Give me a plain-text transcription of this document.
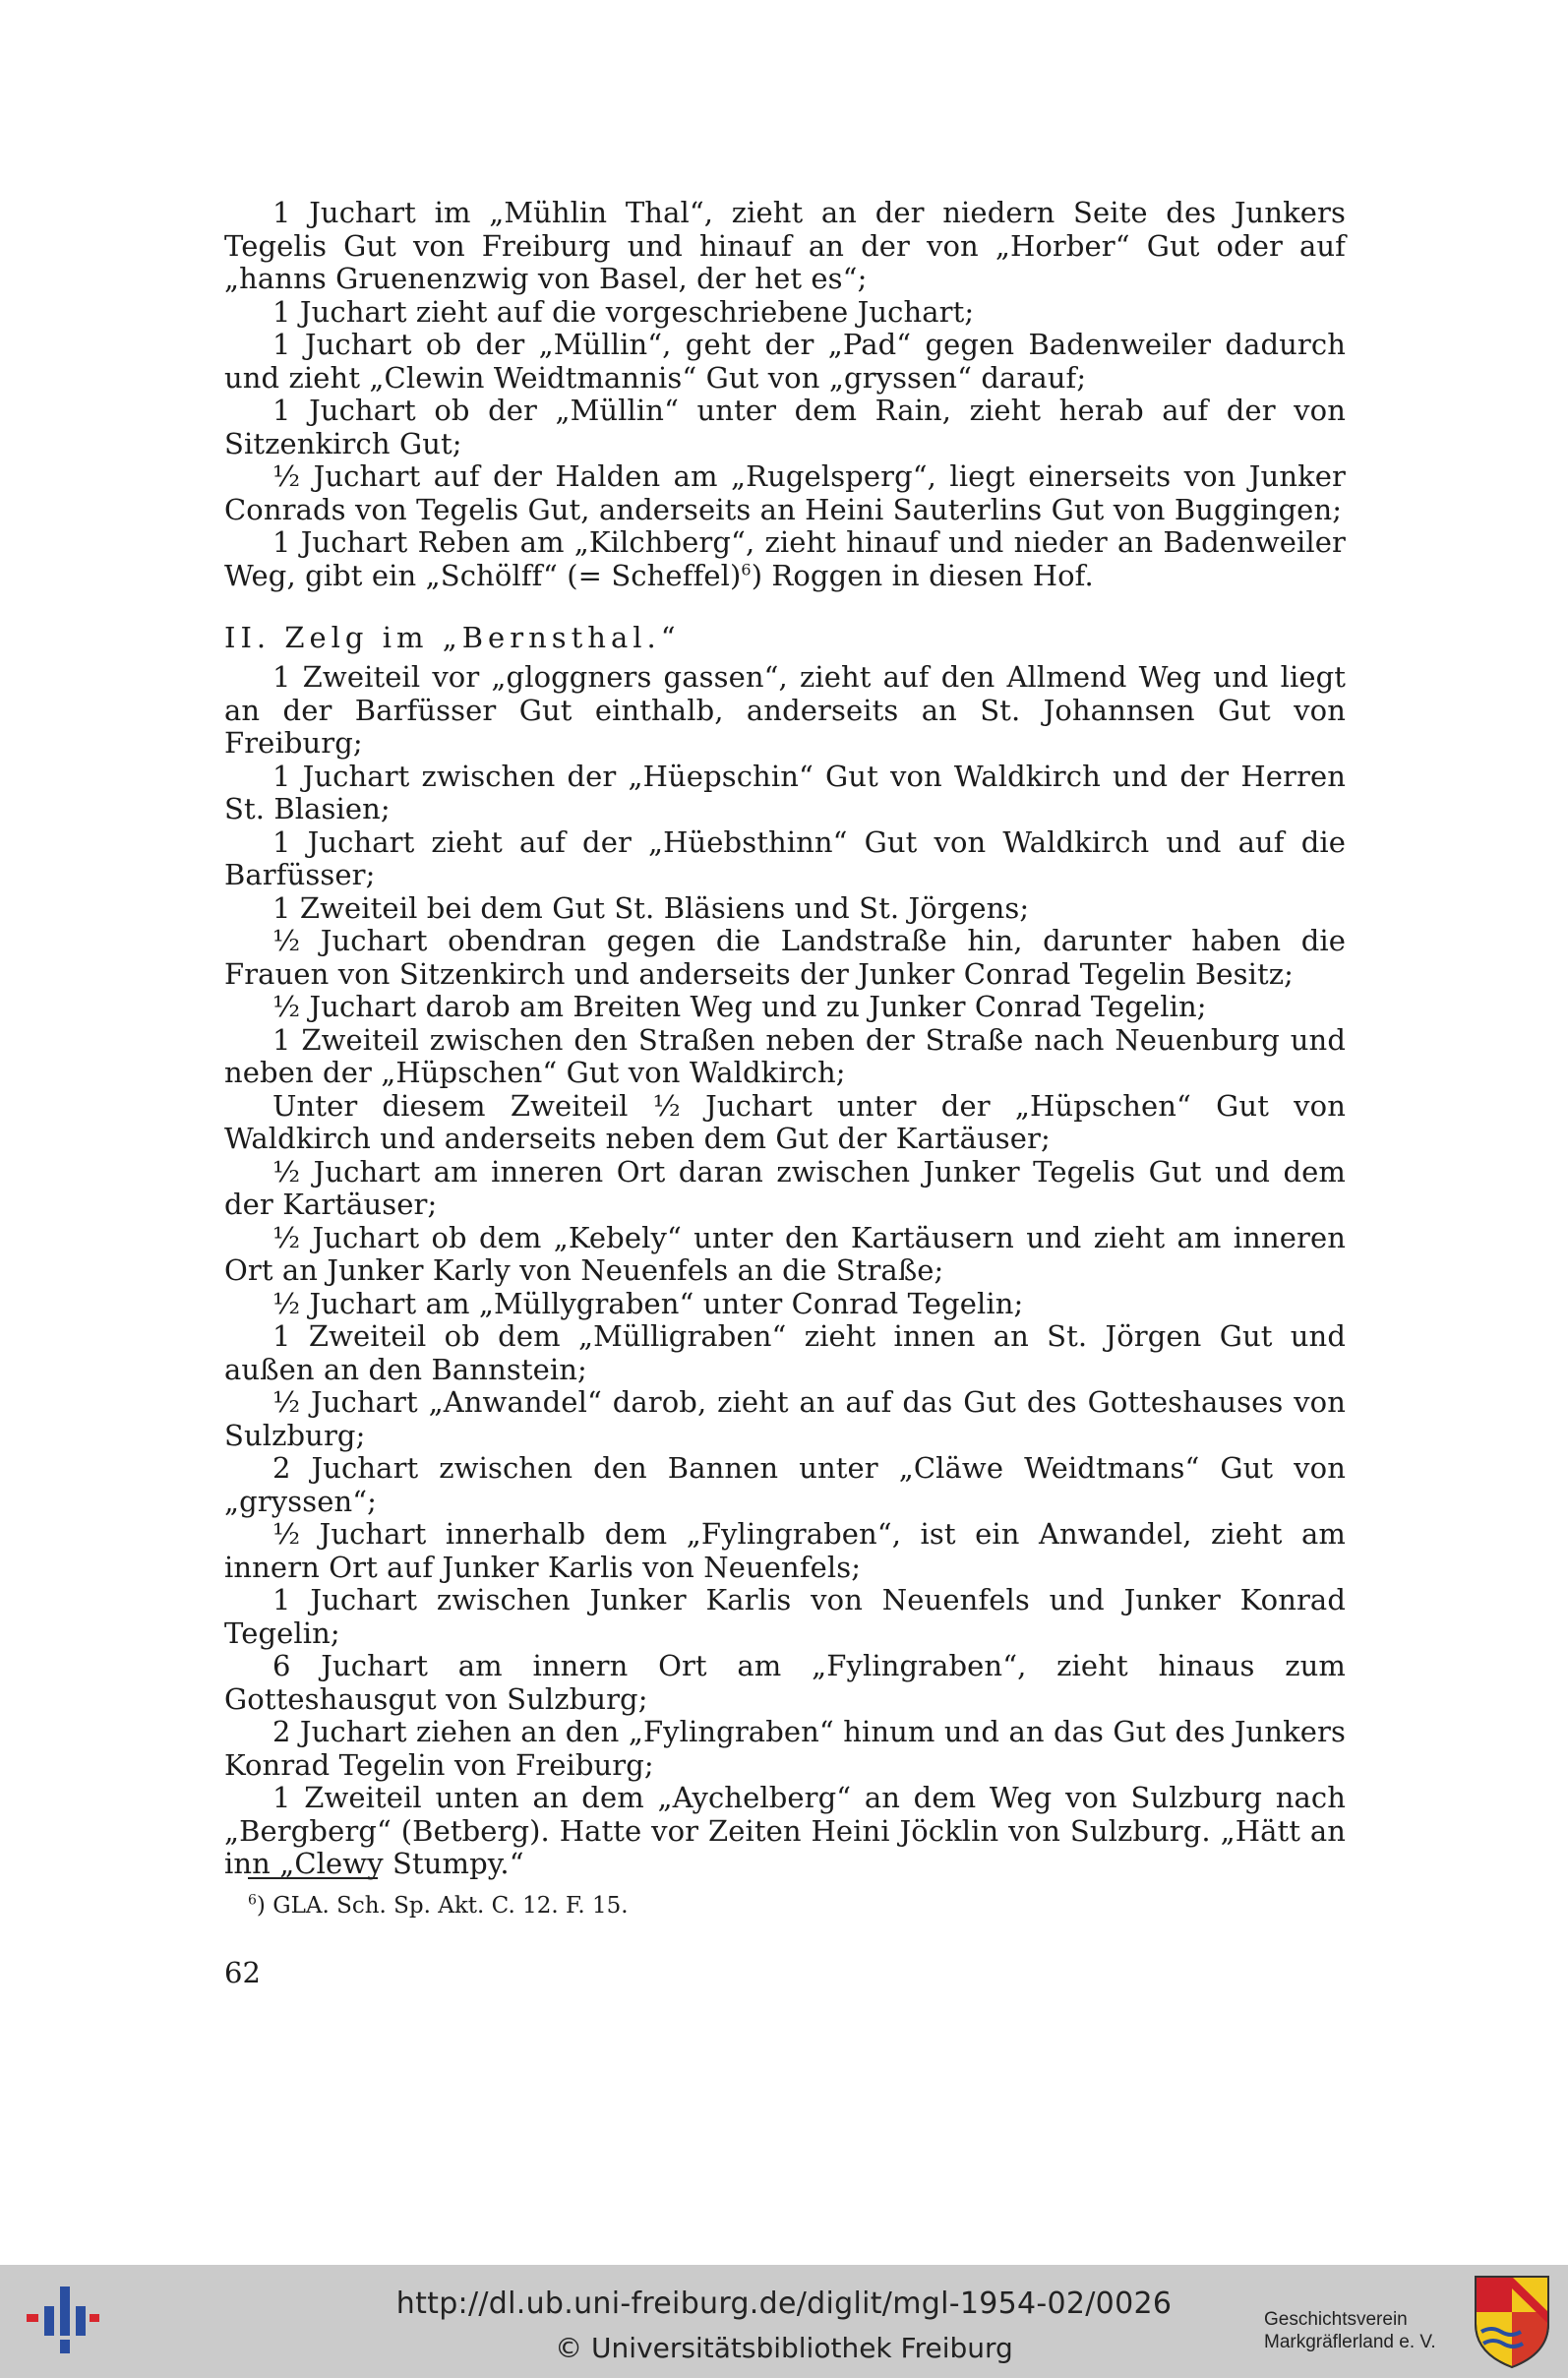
1 Juchart im „Mühlin Thal“, zieht an der niedern Seite des Junkers Tegelis Gut von Freiburg und hinauf an der von „Horber“ Gut oder auf „hanns Gruenenzwig von Basel, der het es“;

1 Juchart zieht auf die vorgeschriebene Juchart;

1 Juchart ob der „Müllin“, geht der „Pad“ gegen Badenweiler dadurch und zieht „Clewin Weidtmannis“ Gut von „gryssen“ darauf;

1 Juchart ob der „Müllin“ unter dem Rain, zieht herab auf der von Sitzenkirch Gut;

½ Juchart auf der Halden am „Rugelsperg“, liegt einerseits von Junker Conrads von Tegelis Gut, anderseits an Heini Sauterlins Gut von Buggingen;

1 Juchart Reben am „Kilchberg“, zieht hinauf und nieder an Badenweiler Weg, gibt ein „Schölff“ (= Scheffel)$^6$) Roggen in diesen Hof.

II. Zelg im „Bernsthal.“

1 Zweiteil vor „gloggners gassen“, zieht auf den Allmend Weg und liegt an der Barfüsser Gut einthalb, anderseits an St. Johannsen Gut von Freiburg;

1 Juchart zwischen der „Hüepschin“ Gut von Waldkirch und der Herren St. Blasien;

1 Juchart zieht auf der „Hüebsthinn“ Gut von Waldkirch und auf die Barfüsser;

1 Zweiteil bei dem Gut St. Bläsiens und St. Jörgens;

½ Juchart obendran gegen die Landstraße hin, darunter haben die Frauen von Sitzenkirch und anderseits der Junker Conrad Tegelin Besitz;

½ Juchart darob am Breiten Weg und zu Junker Conrad Tegelin;

1 Zweiteil zwischen den Straßen neben der Straße nach Neuenburg und neben der „Hüpschen“ Gut von Waldkirch;

Unter diesem Zweiteil ½ Juchart unter der „Hüpschen“ Gut von Waldkirch und anderseits neben dem Gut der Kartäuser;

½ Juchart am inneren Ort daran zwischen Junker Tegelis Gut und dem der Kartäuser;

½ Juchart ob dem „Kebely“ unter den Kartäusern und zieht am inneren Ort an Junker Karly von Neuenfels an die Straße;

½ Juchart am „Müllygraben“ unter Conrad Tegelin;

1 Zweiteil ob dem „Mülligraben“ zieht innen an St. Jörgen Gut und außen an den Bannstein;

½ Juchart „Anwandel“ darob, zieht an auf das Gut des Gotteshauses von Sulzburg;

2 Juchart zwischen den Bannen unter „Cläwe Weidtmans“ Gut von „gryssen“;

½ Juchart innerhalb dem „Fylingraben“, ist ein Anwandel, zieht am innern Ort auf Junker Karlis von Neuenfels;

1 Juchart zwischen Junker Karlis von Neuenfels und Junker Konrad Tegelin;

6 Juchart am innern Ort am „Fylingraben“, zieht hinaus zum Gotteshausgut von Sulzburg;

2 Juchart ziehen an den „Fylingraben“ hinum und an das Gut des Junkers Konrad Tegelin von Freiburg;

1 Zweiteil unten an dem „Aychelberg“ an dem Weg von Sulzburg nach „Bergberg“ (Betberg). Hatte vor Zeiten Heini Jöcklin von Sulzburg. „Hätt an inn „Clewy Stumpy.“

$^6$) GLA. Sch. Sp. Akt. C. 12. F. 15.
62
http://dl.ub.uni-freiburg.de/diglit/mgl-1954-02/0026
© Universitätsbibliothek Freiburg
Geschichtsverein
Markgräflerland e. V.
